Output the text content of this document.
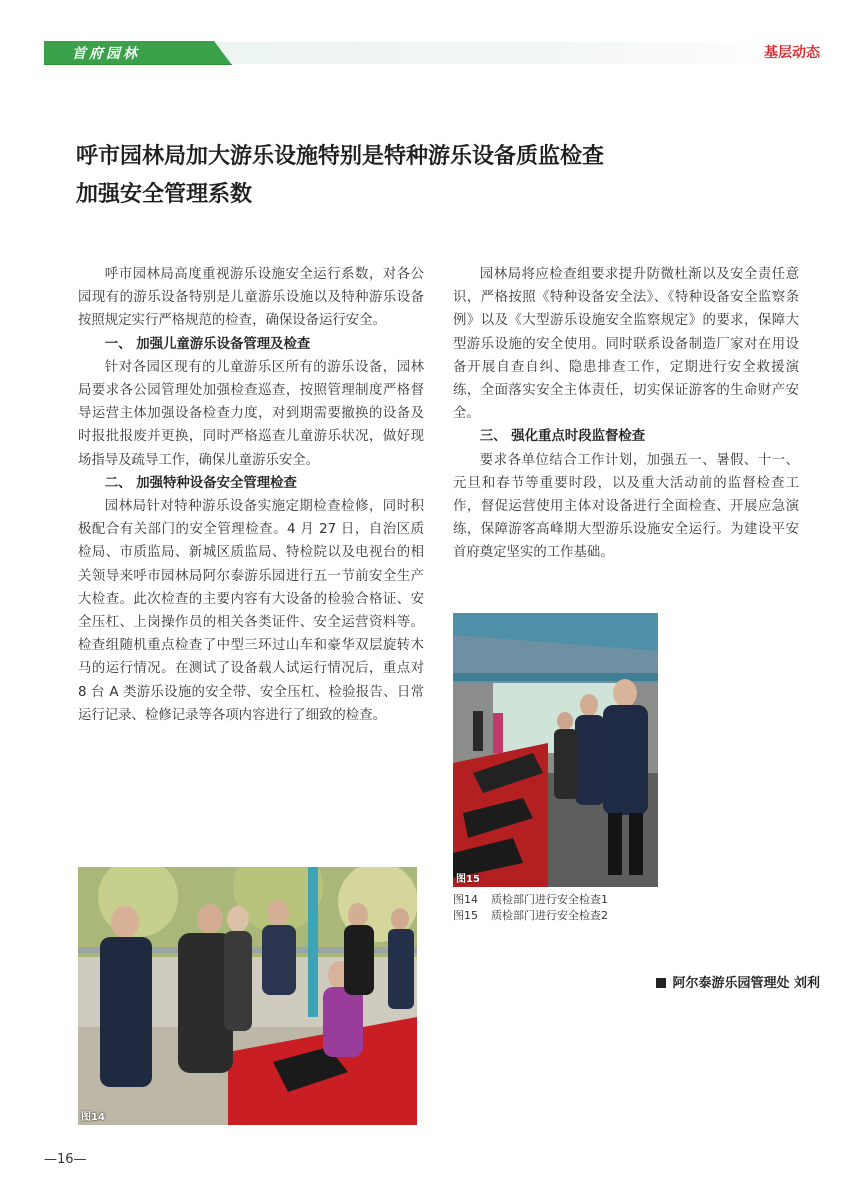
首府园林	基层动态
呼市园林局加大游乐设施特别是特种游乐设备质监检查
加强安全管理系数

呼市园林局高度重视游乐设施安全运行系数，对各公园现有的游乐设备特别是儿童游乐设施以及特种游乐设备按照规定实行严格规范的检查，确保设备运行安全。

一、 加强儿童游乐设备管理及检查

针对各园区现有的儿童游乐区所有的游乐设备，园林局要求各公园管理处加强检查巡查，按照管理制度严格督导运营主体加强设备检查力度，对到期需要撤换的设备及时报批报废并更换，同时严格巡查儿童游乐状况，做好现场指导及疏导工作，确保儿童游乐安全。

二、 加强特种设备安全管理检查

园林局针对特种游乐设备实施定期检查检修，同时积极配合有关部门的安全管理检查。4 月 27 日，自治区质检局、市质监局、新城区质监局、特检院以及电视台的相关领导来呼市园林局阿尔泰游乐园进行五一节前安全生产大检查。此次检查的主要内容有大设备的检验合格证、安全压杠、上岗操作员的相关各类证件、安全运营资料等。检查组随机重点检查了中型三环过山车和豪华双层旋转木马的运行情况。在测试了设备载人试运行情况后，重点对 8 台 A 类游乐设施的安全带、安全压杠、检验报告、日常运行记录、检修记录等各项内容进行了细致的检查。

园林局将应检查组要求提升防微杜渐以及安全责任意识，严格按照《特种设备安全法》、《特种设备安全监察条例》以及《大型游乐设施安全监察规定》的要求，保障大型游乐设施的安全使用。同时联系设备制造厂家对在用设备开展自查自纠、隐患排查工作，定期进行安全救援演练，全面落实安全主体责任，切实保证游客的生命财产安全。

三、 强化重点时段监督检查

要求各单位结合工作计划，加强五一、暑假、十一、元旦和春节等重要时段，以及重大活动前的监督检查工作，督促运营使用主体对设备进行全面检查、开展应急演练，保障游客高峰期大型游乐设施安全运行。为建设平安首府奠定坚实的工作基础。

图15
图14 质检部门进行安全检查1
图15 质检部门进行安全检查2
阿尔泰游乐园管理处 刘利
图14
—16—
